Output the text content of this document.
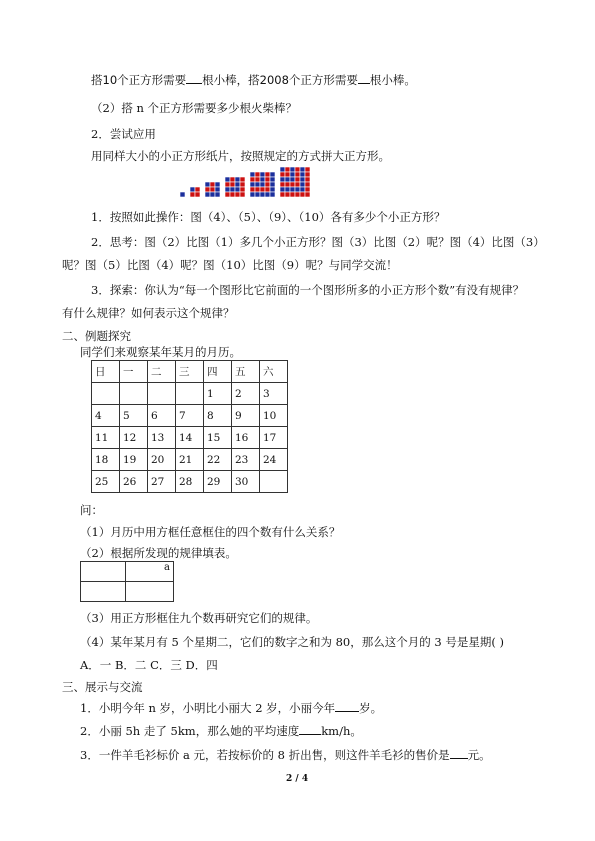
搭10个正方形需要 根小棒，搭2008个正方形需要 根小棒。
（2）搭 n 个正方形需要多少根火柴棒？
2．尝试应用
用同样大小的小正方形纸片，按照规定的方式拼大正方形。
1．按照如此操作：图（4）、（5）、（9）、（10）各有多少个小正方形？
2．思考：图（2）比图（1）多几个小正方形？图（3）比图（2）呢？图（4）比图（3）
呢？图（5）比图（4）呢？图（10）比图（9）呢？与同学交流！
3．探索：你认为“每一个图形比它前面的一个图形所多的小正方形个数”有没有规律？
有什么规律？如何表示这个规律？
二、例题探究
同学们来观察某年某月的月历。
日	一	二	三	四	五	六
				1	2	3
4	5	6	7	8	9	10
11	12	13	14	15	16	17
18	19	20	21	22	23	24
25	26	27	28	29	30	
问：
（1）月历中用方框任意框住的四个数有什么关系？
（2）根据所发现的规律填表。
	a

（3）用正方形框住九个数再研究它们的规律。
（4）某年某月有 5 个星期二，它们的数字之和为 80，那么这个月的 3 号是星期( )
A．一 B．二 C．三 D．四
三、展示与交流
1．小明今年 n 岁，小明比小丽大 2 岁，小丽今年 岁。
2．小丽 5h 走了 5km，那么她的平均速度 km/h。
3．一件羊毛衫标价 a 元，若按标价的 8 折出售，则这件羊毛衫的售价是 元。
2 / 4
